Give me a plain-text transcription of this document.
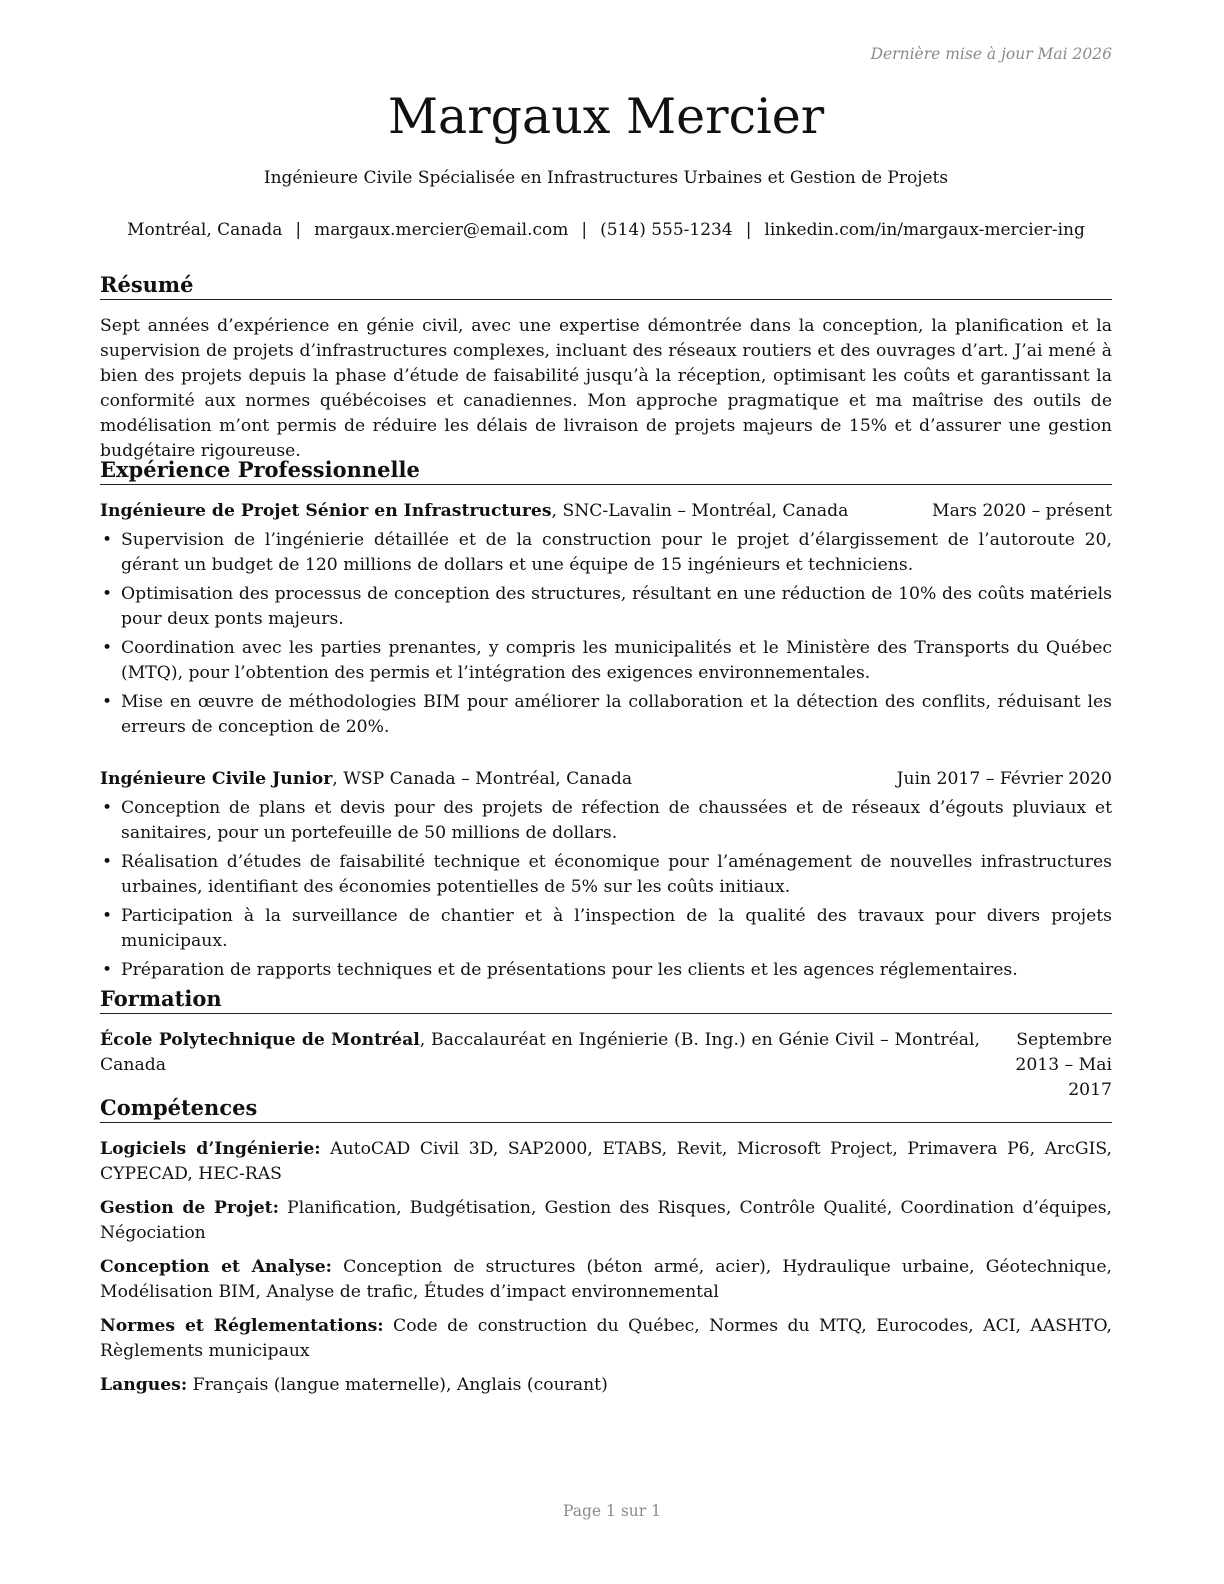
Dernière mise à jour Mai 2026
Margaux Mercier
Ingénieure Civile Spécialisée en Infrastructures Urbaines et Gestion de Projets
Montréal, Canada | margaux.mercier@email.com | (514) 555-1234 | linkedin.com/in/margaux-mercier-ing
Résumé
Sept années d’expérience en génie civil, avec une expertise démontrée dans la conception, la planification et la supervision de projets d’infrastructures complexes, incluant des réseaux routiers et des ouvrages d’art. J’ai mené à bien des projets depuis la phase d’étude de faisabilité jusqu’à la réception, optimisant les coûts et garantissant la conformité aux normes québécoises et canadiennes. Mon approche pragmatique et ma maîtrise des outils de modélisation m’ont permis de réduire les délais de livraison de projets majeurs de 15% et d’assurer une gestion budgétaire rigoureuse.
Expérience Professionnelle
Ingénieure de Projet Sénior en Infrastructures, SNC-Lavalin – Montréal, Canada	Mars 2020 – présent
• Supervision de l’ingénierie détaillée et de la construction pour le projet d’élargissement de l’autoroute 20, gérant un budget de 120 millions de dollars et une équipe de 15 ingénieurs et techniciens.
• Optimisation des processus de conception des structures, résultant en une réduction de 10% des coûts matériels pour deux ponts majeurs.
• Coordination avec les parties prenantes, y compris les municipalités et le Ministère des Transports du Québec (MTQ), pour l’obtention des permis et l’intégration des exigences environnementales.
• Mise en œuvre de méthodologies BIM pour améliorer la collaboration et la détection des conflits, réduisant les erreurs de conception de 20%.
Ingénieure Civile Junior, WSP Canada – Montréal, Canada	Juin 2017 – Février 2020
• Conception de plans et devis pour des projets de réfection de chaussées et de réseaux d’égouts pluviaux et sanitaires, pour un portefeuille de 50 millions de dollars.
• Réalisation d’études de faisabilité technique et économique pour l’aménagement de nouvelles infrastructures urbaines, identifiant des économies potentielles de 5% sur les coûts initiaux.
• Participation à la surveillance de chantier et à l’inspection de la qualité des travaux pour divers projets municipaux.
• Préparation de rapports techniques et de présentations pour les clients et les agences réglementaires.
Formation
École Polytechnique de Montréal, Baccalauréat en Ingénierie (B. Ing.) en Génie Civil – Montréal, Canada
Septembre 2013 – Mai 2017
Compétences
Logiciels d’Ingénierie: AutoCAD Civil 3D, SAP2000, ETABS, Revit, Microsoft Project, Primavera P6, ArcGIS, CYPECAD, HEC-RAS
Gestion de Projet: Planification, Budgétisation, Gestion des Risques, Contrôle Qualité, Coordination d’équipes, Négociation
Conception et Analyse: Conception de structures (béton armé, acier), Hydraulique urbaine, Géotechnique, Modélisation BIM, Analyse de trafic, Études d’impact environnemental
Normes et Réglementations: Code de construction du Québec, Normes du MTQ, Eurocodes, ACI, AASHTO, Règlements municipaux
Langues: Français (langue maternelle), Anglais (courant)
Page 1 sur 1
